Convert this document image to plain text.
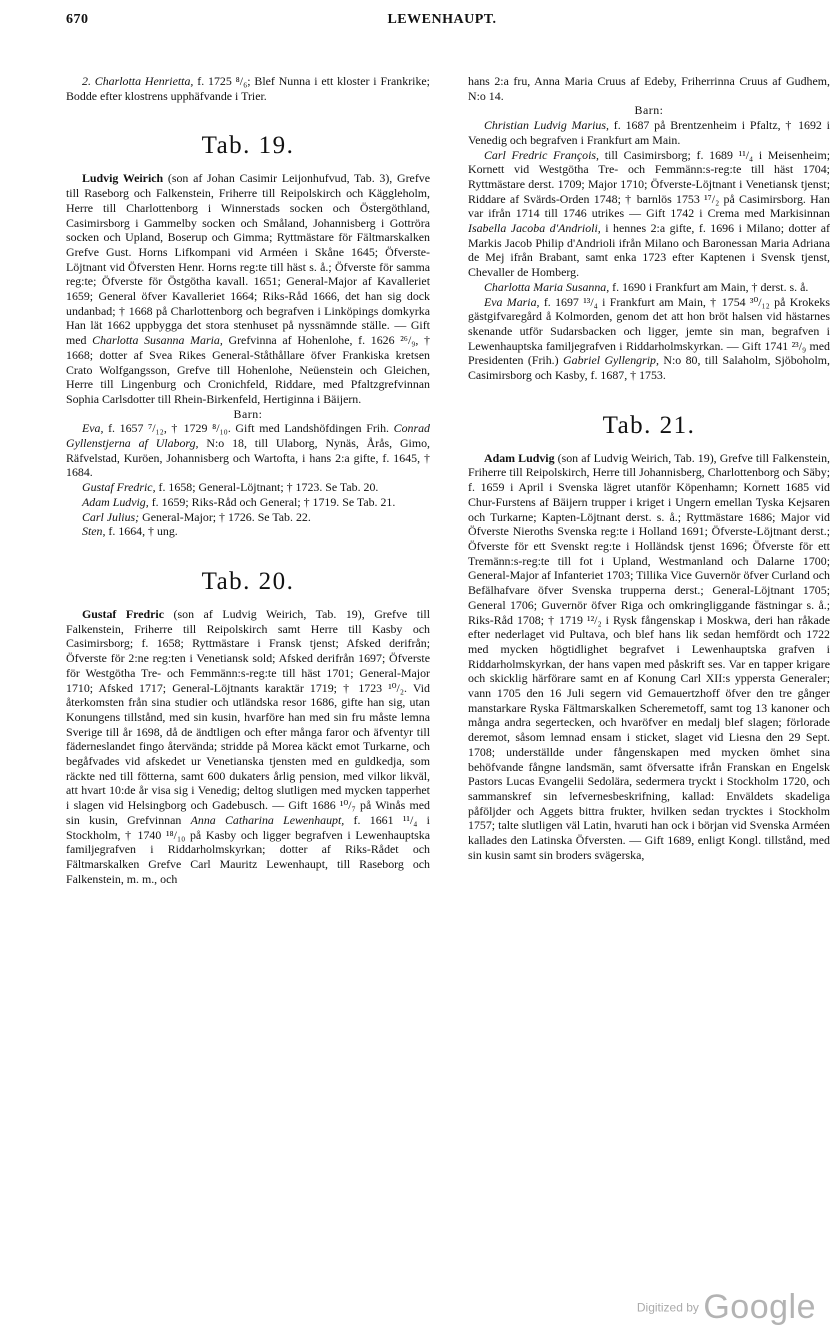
670	LEWENHAUPT.

2. Charlotta Henrietta, f. 1725 ⁸/₆; Blef Nunna i ett kloster i Frankrike; Bodde efter klostrens upphäfvande i Trier.

Tab. 19.

Ludvig Weirich (son af Johan Casimir Leijonhufvud, Tab. 3), Grefve till Raseborg och Falkenstein, Friherre till Reipolskirch och Käggleholm, Herre till Charlottenborg i Winnerstads socken och Östergöthland, Casimirsborg i Gammelby socken och Småland, Johannisberg i Gottröra socken och Upland, Boserup och Gimma; Ryttmästare för Fältmarskalken Grefve Gust. Horns Lifkompani vid Arméen i Skåne 1645; Öfverste-Löjtnant vid Öfversten Henr. Horns reg:te till häst s. å.; Öfverste för samma reg:te; Öfverste för Östgötha kavall. 1651; General-Major af Kavalleriet 1659; General öfver Kavalleriet 1664; Riks-Råd 1666, det han sig dock undanbad; † 1668 på Charlottenborg och begrafven i Linköpings domkyrka Han lät 1662 uppbygga det stora stenhuset på nyssnämnde ställe. — Gift med Charlotta Susanna Maria, Grefvinna af Hohenlohe, f. 1626 ²⁶/₉, † 1668; dotter af Svea Rikes General-Ståthållare öfver Frankiska kretsen Crato Wolfgangsson, Grefve till Hohenlohe, Neüenstein och Gleichen, Herre till Lingenburg och Cronichfeld, Riddare, med Pfaltzgrefvinnan Sophia Carlsdotter till Rhein-Birkenfeld, Hertiginna i Bäijern.

Barn:

Eva, f. 1657 ⁷/₁₂, † 1729 ⁸/₁₀. Gift med Landshöfdingen Frih. Conrad Gyllenstjerna af Ulaborg, N:o 18, till Ulaborg, Nynäs, Årås, Gimo, Räfvelstad, Kuröen, Johannisberg och Wartofta, i hans 2:a gifte, f. 1645, † 1684.

Gustaf Fredric, f. 1658; General-Löjtnant; † 1723. Se Tab. 20.

Adam Ludvig, f. 1659; Riks-Råd och General; † 1719. Se Tab. 21.

Carl Julius; General-Major; † 1726. Se Tab. 22.

Sten, f. 1664, † ung.

Tab. 20.

Gustaf Fredric (son af Ludvig Weirich, Tab. 19), Grefve till Falkenstein, Friherre till Reipolskirch samt Herre till Kasby och Casimirsborg; f. 1658; Ryttmästare i Fransk tjenst; Afsked derifrån; Öfverste för 2:ne reg:ten i Venetiansk sold; Afsked derifrån 1697; Öfverste för Westgötha Tre- och Femmänn:s-reg:te till häst 1701; General-Major 1710; Afsked 1717; General-Löjtnants karaktär 1719; † 1723 ¹⁰/₂. Vid återkomsten från sina studier och utländska resor 1686, gifte han sig, utan Konungens tillstånd, med sin kusin, hvarföre han med sin fru måste lemna Sverige till år 1698, då de ändtligen och efter många faror och äfventyr till fäderneslandet fingo återvända; stridde på Morea käckt emot Turkarne, och begåfvades vid afskedet ur Venetianska tjensten med en guldkedja, som räckte ned till fötterna, samt 600 dukaters årlig pension, med vilkor likväl, att hvart 10:de år visa sig i Venedig; deltog slutligen med mycken tapperhet i slagen vid Helsingborg och Gadebusch. — Gift 1686 ¹⁰/₇ på Winås med sin kusin, Grefvinnan Anna Catharina Lewenhaupt, f. 1661 ¹¹/₄ i Stockholm, † 1740 ¹⁸/₁₀ på Kasby och ligger begrafven i Lewenhauptska familjegrafven i Riddarholmskyrkan; dotter af Riks-Rådet och Fältmarskalken Grefve Carl Mauritz Lewenhaupt, till Raseborg och Falkenstein, m. m., och

hans 2:a fru, Anna Maria Cruus af Edeby, Friherrinna Cruus af Gudhem, N:o 14.

Barn:

Christian Ludvig Marius, f. 1687 på Brentzenheim i Pfaltz, † 1692 i Venedig och begrafven i Frankfurt am Main.

Carl Fredric François, till Casimirsborg; f. 1689 ¹¹/₄ i Meisenheim; Kornett vid Westgötha Tre- och Femmänn:s-reg:te till häst 1704; Ryttmästare derst. 1709; Major 1710; Öfverste-Löjtnant i Venetiansk tjenst; Riddare af Svärds-Orden 1748; † barnlös 1753 ¹⁷/₂ på Casimirsborg. Han var ifrån 1714 till 1746 utrikes — Gift 1742 i Crema med Markisinnan Isabella Jacoba d'Andrioli, i hennes 2:a gifte, f. 1696 i Milano; dotter af Markis Jacob Philip d'Andrioli ifrån Milano och Baronessan Maria Adriana de Mej ifrån Brabant, samt enka 1723 efter Kaptenen i Svensk tjenst, Chevaller de Homberg.

Charlotta Maria Susanna, f. 1690 i Frankfurt am Main, † derst. s. å.

Eva Maria, f. 1697 ¹³/₄ i Frankfurt am Main, † 1754 ³⁰/₁₂ på Krokeks gästgifvaregård å Kolmorden, genom det att hon bröt halsen vid hästarnes skenande utför Sudarsbacken och ligger, jemte sin man, begrafven i Lewenhauptska familjegrafven i Riddarholmskyrkan. — Gift 1741 ²³/₉ med Presidenten (Frih.) Gabriel Gyllengrip, N:o 80, till Salaholm, Sjöboholm, Casimirsborg och Kasby, f. 1687, † 1753.

Tab. 21.

Adam Ludvig (son af Ludvig Weirich, Tab. 19), Grefve till Falkenstein, Friherre till Reipolskirch, Herre till Johannisberg, Charlottenborg och Säby; f. 1659 i April i Svenska lägret utanför Köpenhamn; Kornett 1685 vid Chur-Furstens af Bäijern trupper i kriget i Ungern emellan Tyska Kejsaren och Turkarne; Kapten-Löjtnant derst. s. å.; Ryttmästare 1686; Major vid Öfverste Nieroths Svenska reg:te i Holland 1691; Öfverste-Löjtnant derst.; Öfverste för ett Svenskt reg:te i Holländsk tjenst 1696; Öfverste för ett Tremänn:s-reg:te till fot i Upland, Westmanland och Dalarne 1700; General-Major af Infanteriet 1703; Tillika Vice Guvernör öfver Curland och Befälhafvare öfver Svenska trupperna derst.; General-Löjtnant 1705; General 1706; Guvernör öfver Riga och omkringliggande fästningar s. å.; Riks-Råd 1708; † 1719 ¹²/₂ i Rysk fångenskap i Moskwa, deri han råkade efter nederlaget vid Pultava, och blef hans lik sedan hemfördt och 1722 med mycken högtidlighet begrafvet i Lewenhauptska grafven i Riddarholmskyrkan, der hans vapen med påskrift ses. Var en tapper krigare och skicklig härförare samt en af Konung Carl XII:s yppersta Generaler; vann 1705 den 16 Juli segern vid Gemauertzhoff öfver den tre gånger manstarkare Ryska Fältmarskalken Scheremetoff, samt tog 13 kanoner och många andra segertecken, och hvaröfver en medalj blef slagen; förlorade deremot, såsom lemnad ensam i sticket, slaget vid Liesna den 29 Sept. 1708; underställde under fångenskapen med mycken ömhet sina behöfvande fångne landsmän, samt öfversatte ifrån Franskan en Engelsk Pastors Lucas Evangelii Sedolära, sedermera tryckt i Stockholm 1720, och sammanskref sin lefvernesbeskrifning, kallad: Enväldets skadeliga påföljder och Aggets bittra frukter, hvilken sedan trycktes i Stockholm 1757; talte slutligen väl Latin, hvaruti han ock i början vid Svenska Arméen kallades den Latinska Öfversten. — Gift 1689, enligt Kongl. tillstånd, med sin kusin samt sin broders svägerska,

Digitized by Google
